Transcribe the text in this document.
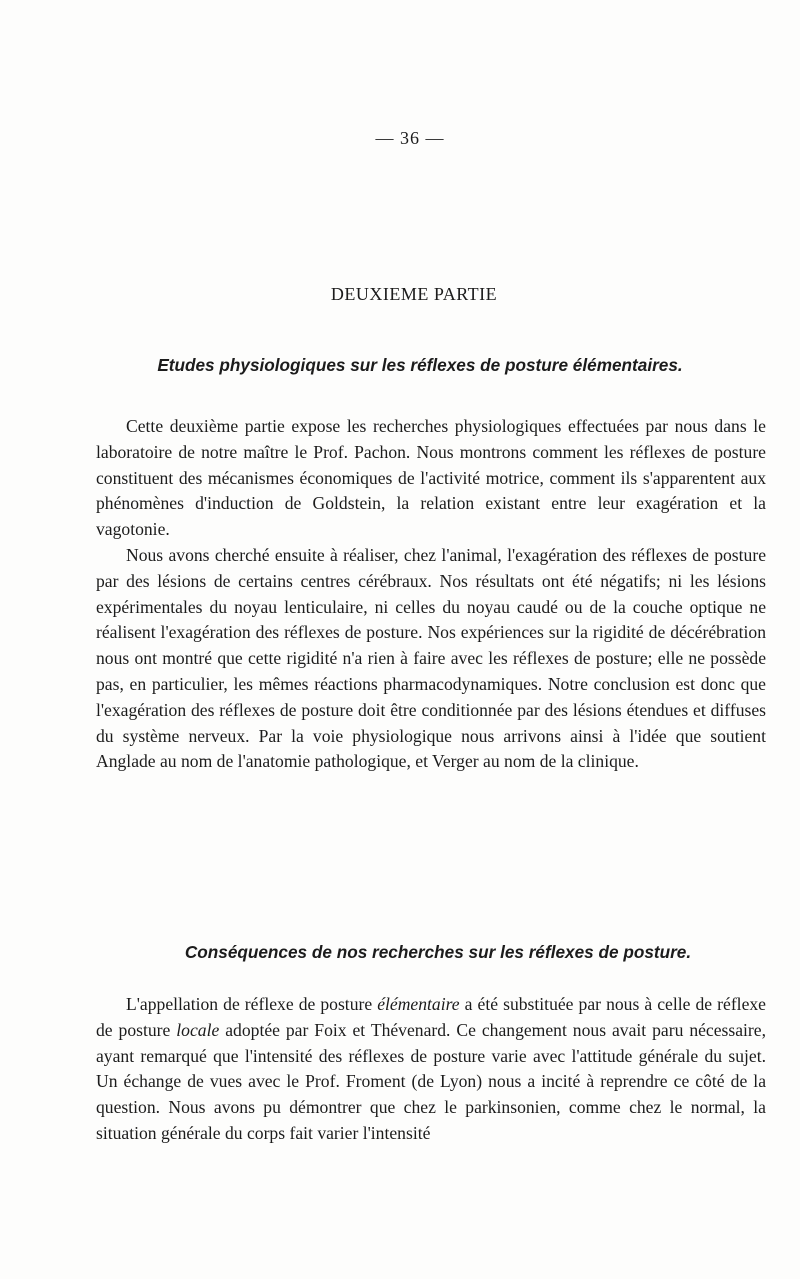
— 36 —
DEUXIEME PARTIE
Etudes physiologiques sur les réflexes de posture élémentaires.

Cette deuxième partie expose les recherches physiologiques effectuées par nous dans le laboratoire de notre maître le Prof. Pachon. Nous montrons comment les réflexes de posture constituent des mécanismes économiques de l'activité motrice, comment ils s'apparentent aux phénomènes d'induction de Goldstein, la relation existant entre leur exagération et la vagotonie.

Nous avons cherché ensuite à réaliser, chez l'animal, l'exagération des réflexes de posture par des lésions de certains centres cérébraux. Nos résultats ont été négatifs; ni les lésions expérimentales du noyau lenticulaire, ni celles du noyau caudé ou de la couche optique ne réalisent l'exagération des réflexes de posture. Nos expériences sur la rigidité de décérébration nous ont montré que cette rigidité n'a rien à faire avec les réflexes de posture; elle ne possède pas, en particulier, les mêmes réactions pharmacodynamiques. Notre conclusion est donc que l'exagération des réflexes de posture doit être conditionnée par des lésions étendues et diffuses du système nerveux. Par la voie physiologique nous arrivons ainsi à l'idée que soutient Anglade au nom de l'anatomie pathologique, et Verger au nom de la clinique.

Conséquences de nos recherches sur les réflexes de posture.

L'appellation de réflexe de posture élémentaire a été substituée par nous à celle de réflexe de posture locale adoptée par Foix et Thévenard. Ce changement nous avait paru nécessaire, ayant remarqué que l'intensité des réflexes de posture varie avec l'attitude générale du sujet. Un échange de vues avec le Prof. Froment (de Lyon) nous a incité à reprendre ce côté de la question. Nous avons pu démontrer que chez le parkinsonien, comme chez le normal, la situation générale du corps fait varier l'intensité
